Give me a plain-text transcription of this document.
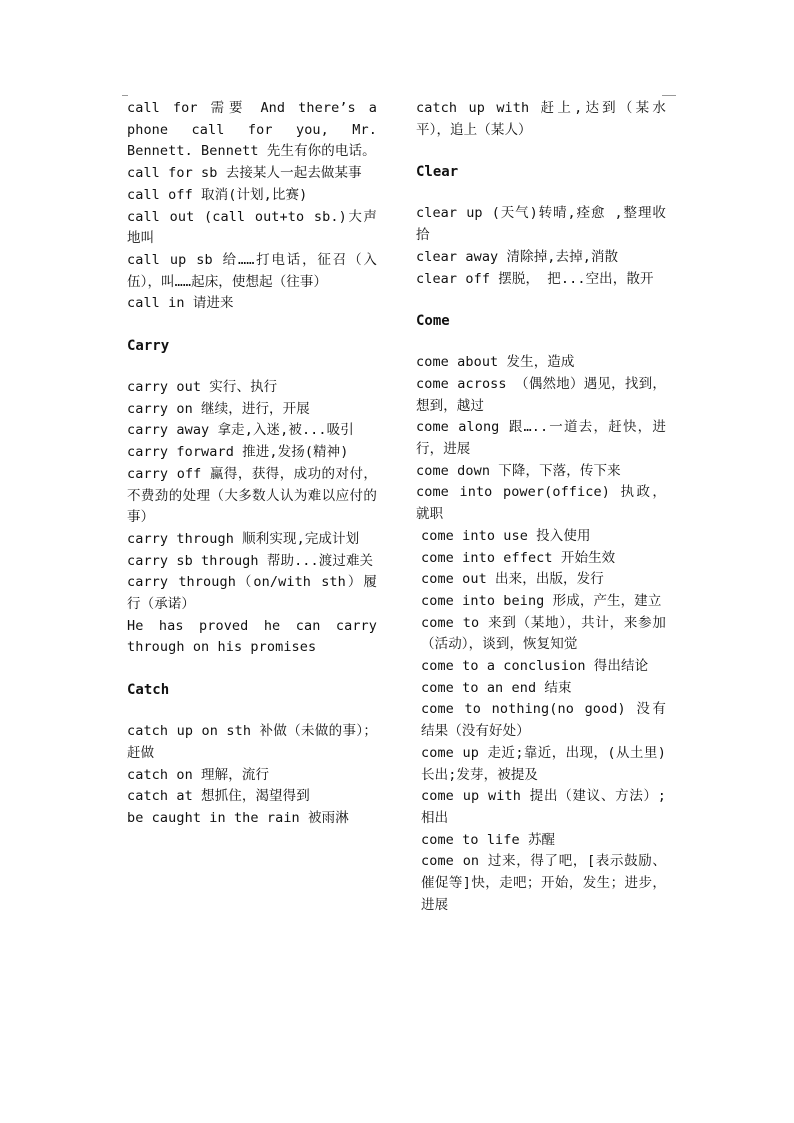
call for 需要 And there’s a phone call for you, Mr. Bennett. Bennett 先生有你的电话。

call for sb 去接某人一起去做某事

call off 取消(计划,比赛)

call out (call out+to sb.)大声地叫

call up sb 给……打电话，征召（入伍），叫……起床，使想起（往事）

call in 请进来

Carry

carry out 实行、执行

carry on 继续，进行，开展

carry away 拿走,入迷,被...吸引

carry forward 推进,发扬(精神)

carry off 赢得，获得，成功的对付，不费劲的处理（大多数人认为难以应付的事）

carry through 顺利实现,完成计划

carry sb through 帮助...渡过难关

carry through（on/with sth）履行（承诺）

He has proved he can carry through on his promises

Catch

catch up on sth 补做（未做的事）；赶做

catch on 理解，流行

catch at 想抓住，渴望得到

be caught in the rain 被雨淋

catch up with 赶上,达到（某水平），追上（某人）

Clear

clear up (天气)转晴,痊愈 ,整理收拾

clear away 清除掉,去掉,消散

clear off 摆脱， 把...空出，散开

Come

come about 发生，造成

come across （偶然地）遇见，找到，想到，越过

come along 跟…..一道去，赶快，进行，进展

come down 下降，下落，传下来

come into power(office) 执政，就职

come into use 投入使用

come into effect 开始生效

come out 出来，出版，发行

come into being 形成，产生，建立

come to 来到（某地），共计，来参加（活动），谈到，恢复知觉

come to a conclusion 得出结论

come to an end 结束

come to nothing(no good) 没有结果（没有好处）

come up 走近;靠近，出现，(从土里)长出;发芽，被提及

come up with 提出（建议、方法）;相出

come to life 苏醒

come on 过来，得了吧，[表示鼓励、催促等]快，走吧；开始，发生；进步，进展
